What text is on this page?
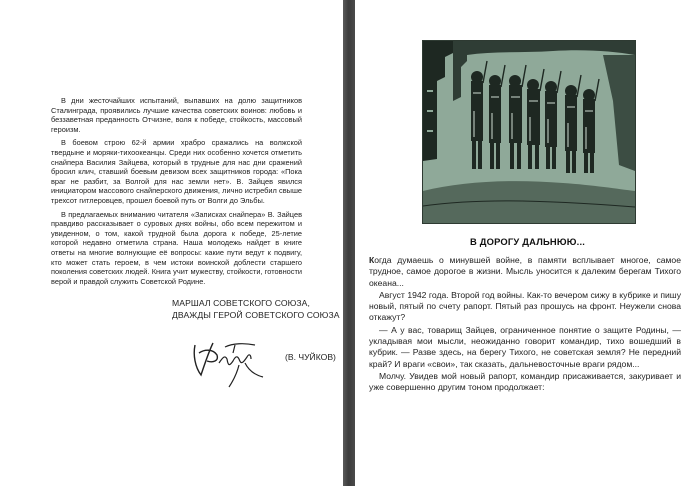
В дни жесточайших испытаний, выпавших на долю защитников Сталинграда, проявились лучшие качества советских воинов: любовь и беззаветная преданность Отчизне, воля к победе, стойкость, массовый героизм.

В боевом строю 62-й армии храбро сражались на волжской твердыне и моряки-тихоокеанцы. Среди них особенно хочется отметить снайпера Василия Зайцева, который в трудные для нас дни сражений бросил клич, ставший боевым девизом всех защитников города: «Пока враг не разбит, за Волгой для нас земли нет». В. Зайцев явился инициатором массового снайперского движения, лично истребил свыше трехсот гитлеровцев, прошел боевой путь от Волги до Эльбы.

В предлагаемых вниманию читателя «Записках снайпера» В. Зайцев правдиво рассказывает о суровых днях войны, обо всем пережитом и увиденном, о том, какой трудной была дорога к победе, 25-летие которой недавно отметила страна. Наша молодежь найдет в книге ответы на многие волнующие её вопросы: какие пути ведут к подвигу, кто может стать героем, в чем истоки воинской доблести старшего поколения советских людей. Книга учит мужеству, стойкости, готовности верой и правдой служить Советской Родине.

МАРШАЛ СОВЕТСКОГО СОЮЗА,
ДВАЖДЫ ГЕРОЙ СОВЕТСКОГО СОЮЗА
(В. ЧУЙКОВ)
В ДОРОГУ ДАЛЬНЮЮ...

Когда думаешь о минувшей войне, в памяти всплывает многое, самое трудное, самое дорогое в жизни. Мысль уносится к далеким берегам Тихого океана...

Август 1942 года. Второй год войны. Как-то вечером сижу в кубрике и пишу новый, пятый по счету рапорт. Пятый раз прошусь на фронт. Неужели снова откажут?

— А у вас, товарищ Зайцев, ограниченное понятие о защите Родины, — укладывая мои мысли, неожиданно говорит командир, тихо вошедший в кубрик. — Разве здесь, на берегу Тихого, не советская земля? Не передний край? И враги «свои», так сказать, дальневосточные враги рядом...

Молчу. Увидев мой новый рапорт, командир присаживается, закуривает и уже совершенно другим тоном продолжает:
